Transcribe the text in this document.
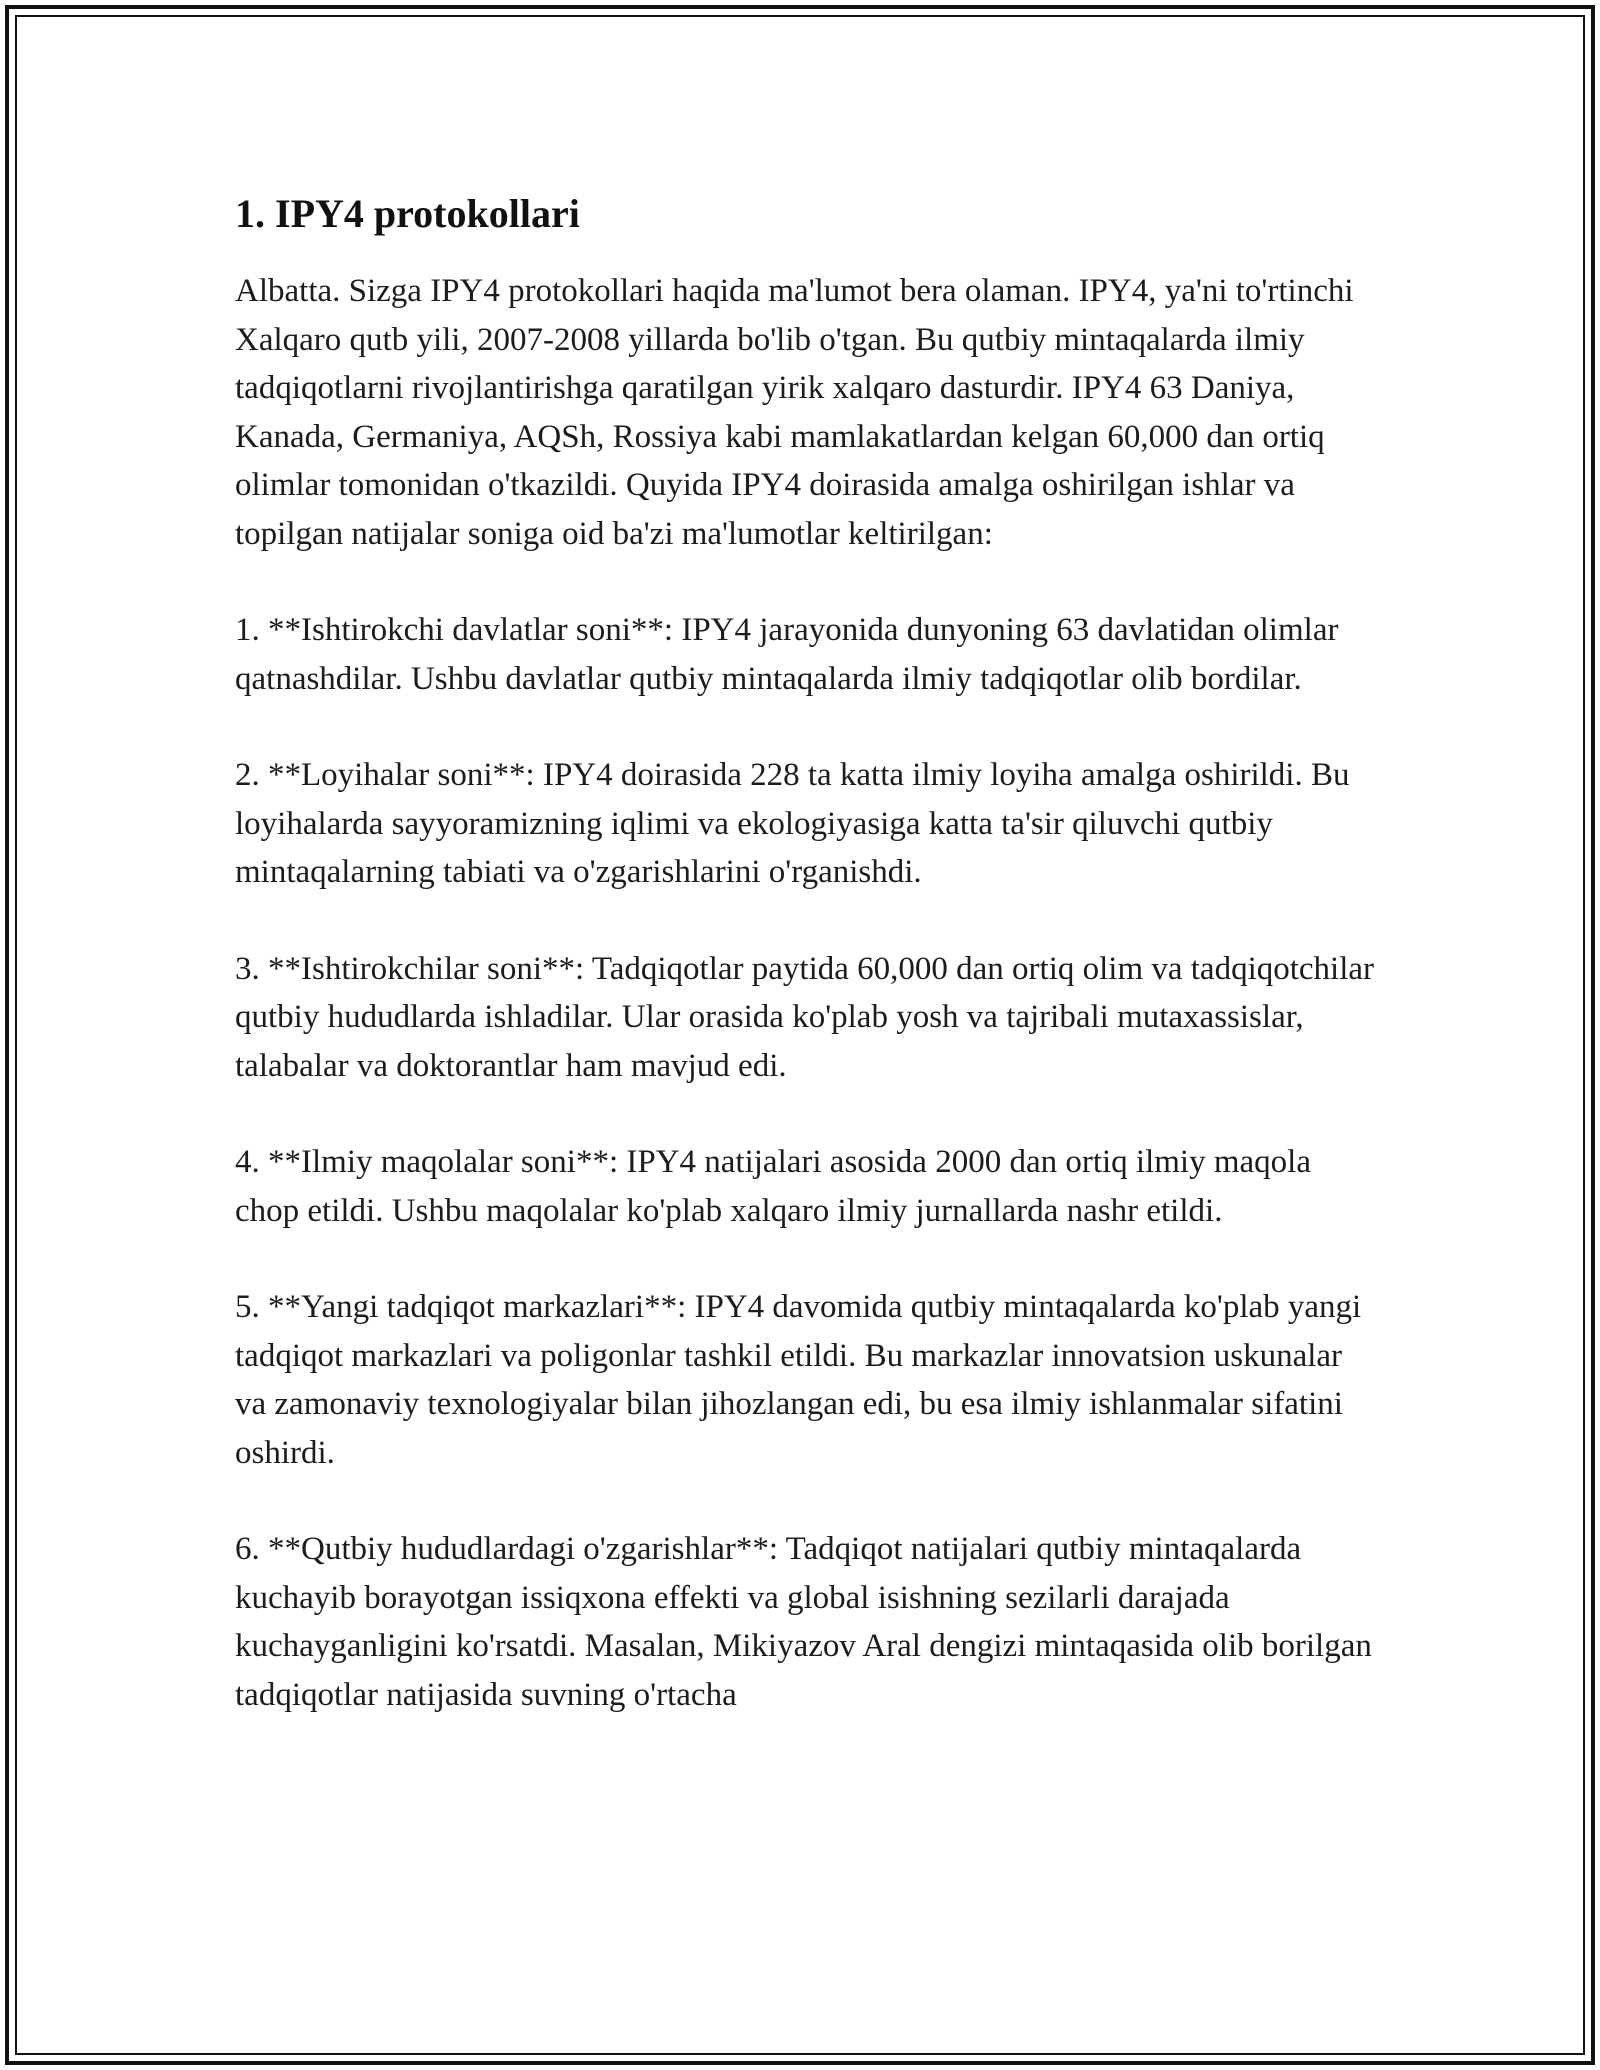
1. IPY4 protokollari

Albatta. Sizga IPY4 protokollari haqida ma'lumot bera olaman. IPY4, ya'ni to'rtinchi Xalqaro qutb yili, 2007-2008 yillarda bo'lib o'tgan. Bu qutbiy mintaqalarda ilmiy tadqiqotlarni rivojlantirishga qaratilgan yirik xalqaro dasturdir. IPY4 63 Daniya, Kanada, Germaniya, AQSh, Rossiya kabi mamlakatlardan kelgan 60,000 dan ortiq olimlar tomonidan o'tkazildi. Quyida IPY4 doirasida amalga oshirilgan ishlar va topilgan natijalar soniga oid ba'zi ma'lumotlar keltirilgan:

1. **Ishtirokchi davlatlar soni**: IPY4 jarayonida dunyoning 63 davlatidan olimlar qatnashdilar. Ushbu davlatlar qutbiy mintaqalarda ilmiy tadqiqotlar olib bordilar.

2. **Loyihalar soni**: IPY4 doirasida 228 ta katta ilmiy loyiha amalga oshirildi. Bu loyihalarda sayyoramizning iqlimi va ekologiyasiga katta ta'sir qiluvchi qutbiy mintaqalarning tabiati va o'zgarishlarini o'rganishdi.

3. **Ishtirokchilar soni**: Tadqiqotlar paytida 60,000 dan ortiq olim va tadqiqotchilar qutbiy hududlarda ishladilar. Ular orasida ko'plab yosh va tajribali mutaxassislar, talabalar va doktorantlar ham mavjud edi.

4. **Ilmiy maqolalar soni**: IPY4 natijalari asosida 2000 dan ortiq ilmiy maqola chop etildi. Ushbu maqolalar ko'plab xalqaro ilmiy jurnallarda nashr etildi.

5. **Yangi tadqiqot markazlari**: IPY4 davomida qutbiy mintaqalarda ko'plab yangi tadqiqot markazlari va poligonlar tashkil etildi. Bu markazlar innovatsion uskunalar va zamonaviy texnologiyalar bilan jihozlangan edi, bu esa ilmiy ishlanmalar sifatini oshirdi.

6. **Qutbiy hududlardagi o'zgarishlar**: Tadqiqot natijalari qutbiy mintaqalarda kuchayib borayotgan issiqxona effekti va global isishning sezilarli darajada kuchayganligini ko'rsatdi. Masalan, Mikiyazov Aral dengizi mintaqasida olib borilgan tadqiqotlar natijasida suvning o'rtacha
